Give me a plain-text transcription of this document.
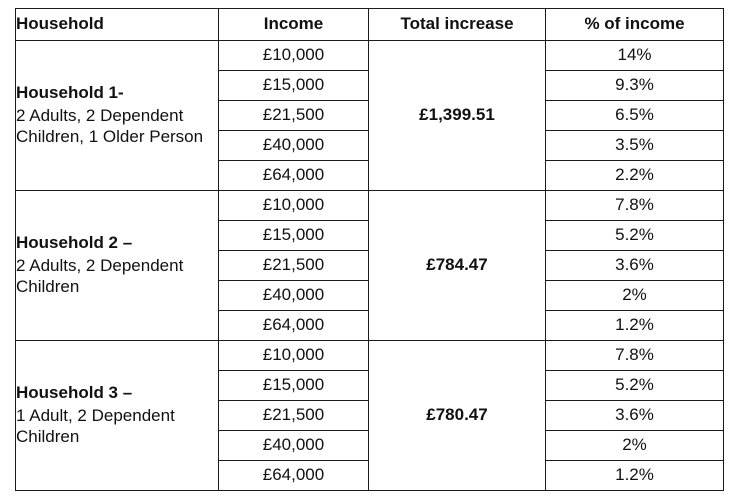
Household	Income	Total increase	% of income

Household 1-
2 Adults, 2 Dependent Children, 1 Older Person	£10,000	£1,399.51	14%
	£15,000		9.3%
	£21,500		6.5%
	£40,000		3.5%
	£64,000		2.2%

Household 2 –
2 Adults, 2 Dependent Children	£10,000	£784.47	7.8%
	£15,000		5.2%
	£21,500		3.6%
	£40,000		2%
	£64,000		1.2%

Household 3 –
1 Adult, 2 Dependent Children	£10,000	£780.47	7.8%
	£15,000		5.2%
	£21,500		3.6%
	£40,000		2%
	£64,000		1.2%
